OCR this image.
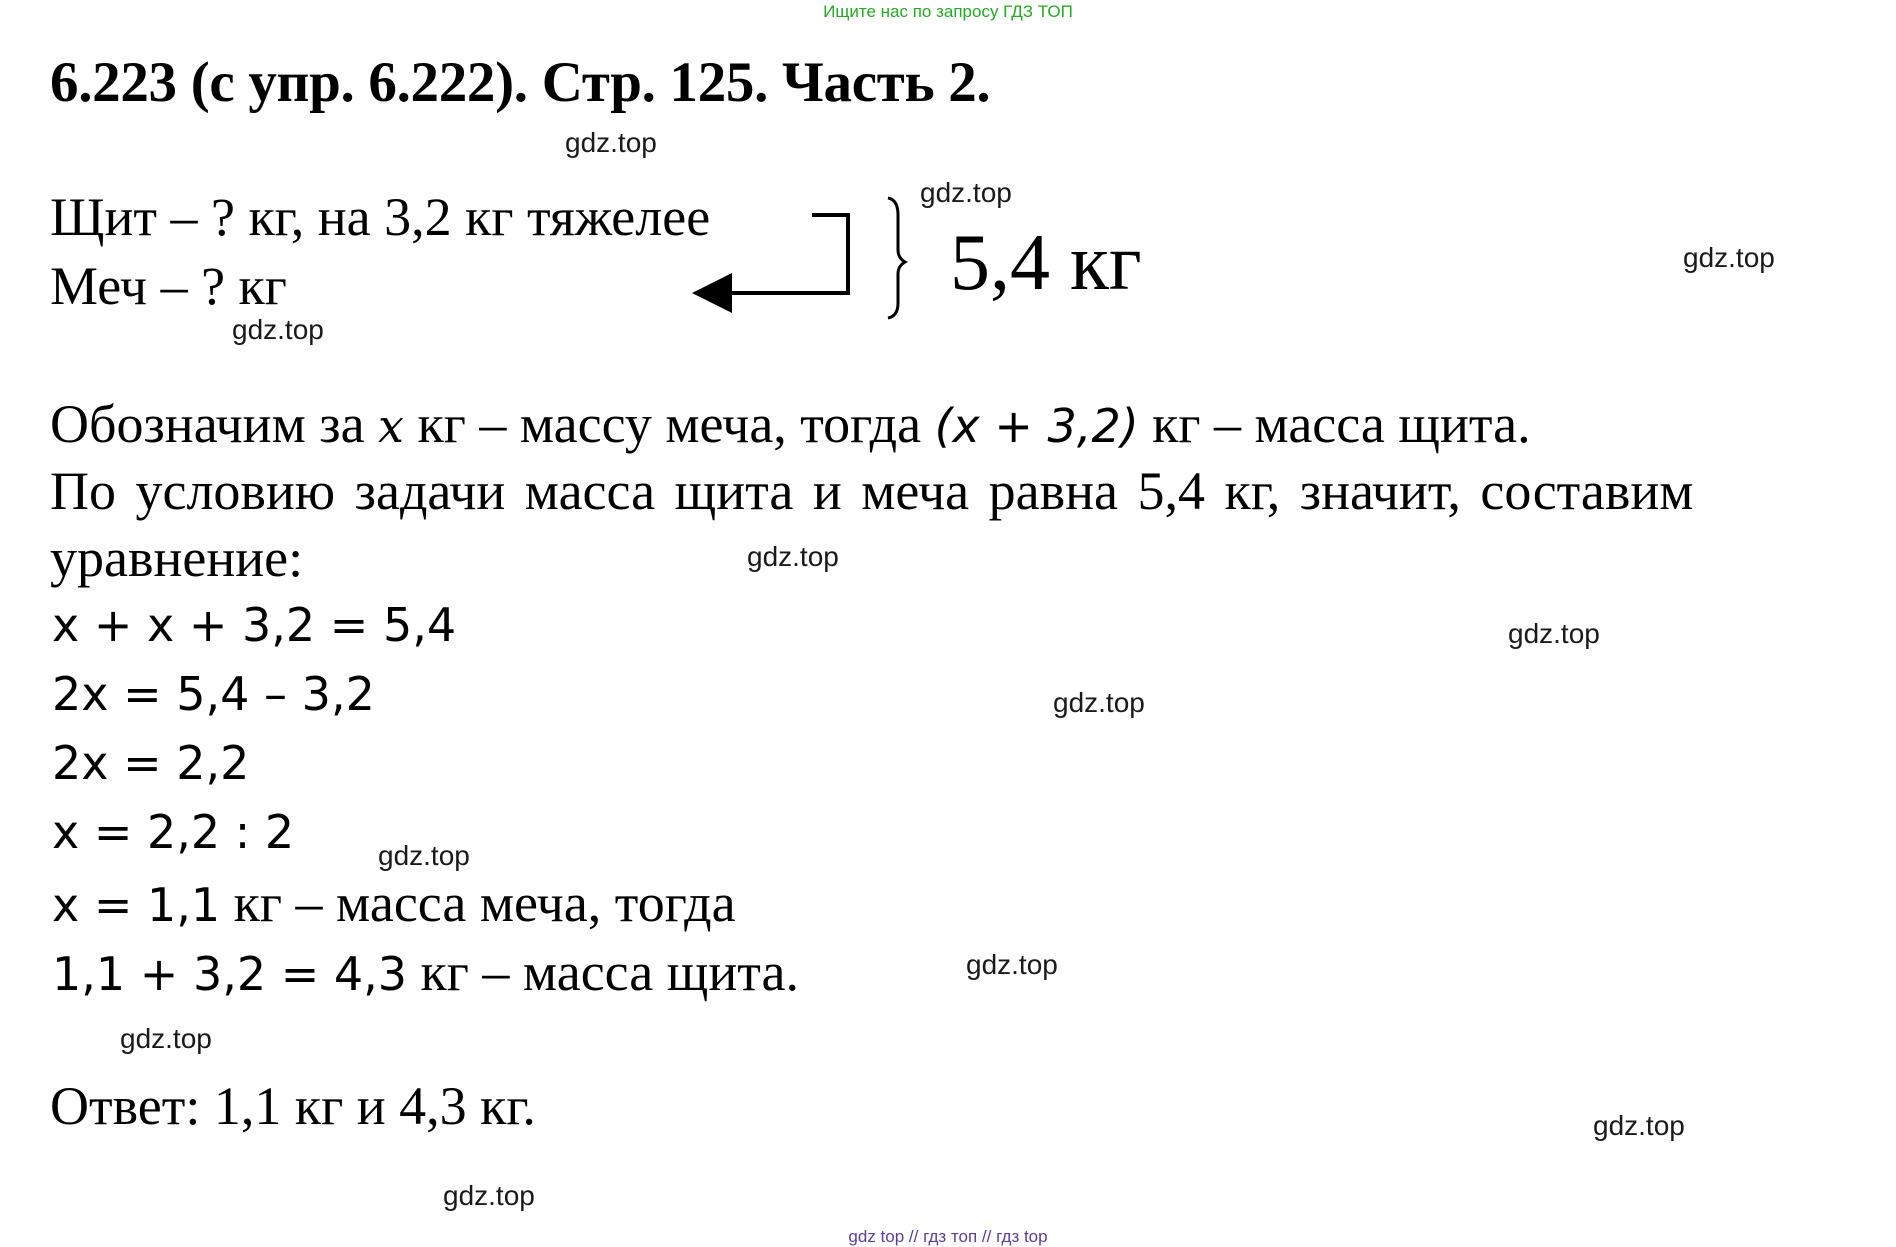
Ищите нас по запросу ГДЗ ТОП
6.223 (с упр. 6.222). Стр. 125. Часть 2.
gdz.top
gdz.top
gdz.top
gdz.top
gdz.top
gdz.top
gdz.top
gdz.top
gdz.top
gdz.top
gdz.top
gdz.top
Щит – ? кг, на 3,2 кг тяжелее
Меч – ? кг	5,4 кг
Обозначим за x кг – массу меча, тогда (x + 3,2) кг – масса щита.
По условию задачи масса щита и меча равна 5,4 кг, значит, составим
уравнение:
x + x + 3,2 = 5,4
2x = 5,4 – 3,2
2x = 2,2
x = 2,2 : 2
x = 1,1 кг – масса меча, тогда
1,1 + 3,2 = 4,3 кг – масса щита.
Ответ: 1,1 кг и 4,3 кг.
gdz top // гдз топ // гдз top
